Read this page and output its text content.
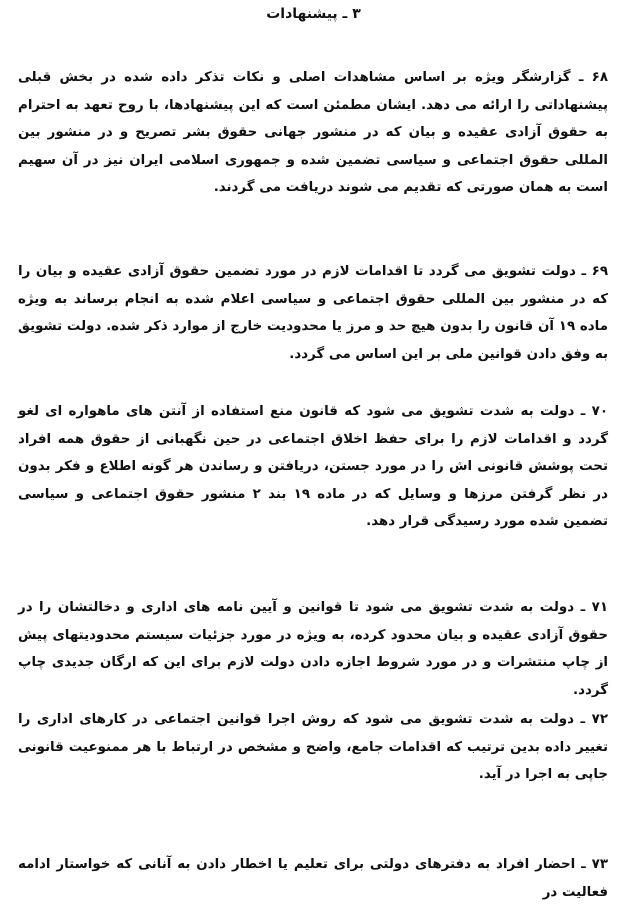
۳ ـ پیشنهادات

۶۸ ـ گزارشگر ویژه بر اساس مشاهدات اصلی و نکات تذکر داده شده در بخش قبلی پیشنهاداتی را ارائه می دهد. ایشان مطمئن است که این پیشنهادها، با روح تعهد به احترام به حقوق آزادی عقیده و بیان که در منشور جهانی حقوق بشر تصریح و در منشور بین المللی حقوق اجتماعی و سیاسی تضمین شده و جمهوری اسلامی ایران نیز در آن سهیم است به همان صورتی که تقدیم می شوند دریافت می گردند.

۶۹ ـ دولت تشویق می گردد تا اقدامات لازم در مورد تضمین حقوق آزادی عقیده و بیان را که در منشور بین المللی حقوق اجتماعی و سیاسی اعلام شده به انجام برساند به ویژه ماده ۱۹ آن قانون را بدون هیچ حد و مرز یا محدودیت خارج از موارد ذکر شده. دولت تشویق به وفق دادن قوانین ملی بر این اساس می گردد.

۷۰ ـ دولت به شدت تشویق می شود که قانون منع استفاده از آنتن های ماهواره ای لغو گردد و اقدامات لازم را برای حفظ اخلاق اجتماعی در حین نگهبانی از حقوق همه افراد تحت پوشش قانونی اش را در مورد جستن، دریافتن و رساندن هر گونه اطلاع و فکر بدون در نظر گرفتن مرزها و وسایل که در ماده ۱۹ بند ۲ منشور حقوق اجتماعی و سیاسی تضمین شده مورد رسیدگی قرار دهد.

۷۱ ـ دولت به شدت تشویق می شود تا قوانین و آیین نامه های اداری و دخالتشان را در حقوق آزادی عقیده و بیان محدود کرده، به ویژه در مورد جزئیات سیستم محدودیتهای پیش از چاپ منتشرات و در مورد شروط اجازه دادن دولت لازم برای این که ارگان جدیدی چاپ گردد.

۷۲ ـ دولت به شدت تشویق می شود که روش اجرا قوانین اجتماعی در کارهای اداری را تغییر داده بدین ترتیب که اقدامات جامع، واضح و مشخص در ارتباط با هر ممنوعیت قانونی جاپی به اجرا در آید.

۷۳ ـ احضار افراد به دفترهای دولتی برای تعلیم یا اخطار دادن به آنانی که خواستار ادامه فعالیت در
